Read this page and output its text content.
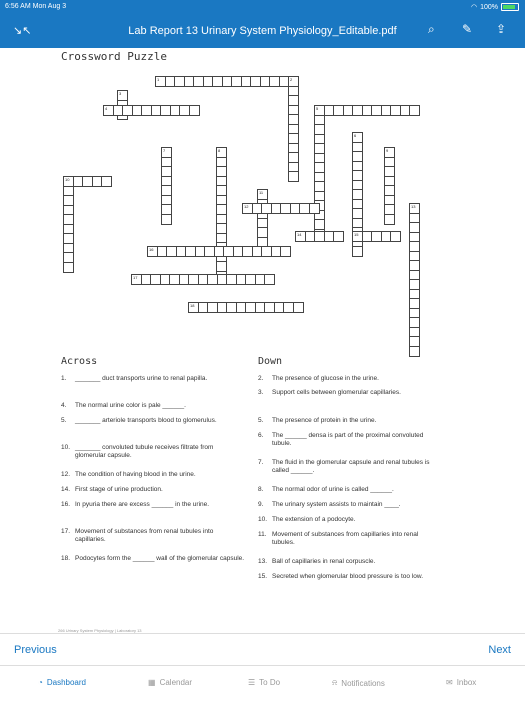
6:56 AM Mon Aug 3	◠ 100%
↘↖	Lab Report 13 Urinary System Physiology_Editable.pdf	⌕ ✎ ⇪
Crossword Puzzle
1	2
3
4	5
6
7	8	9
10
11
12	13
14	15
16
17
18
Across	Down
266 Urinary System Physiology | Laboratory 13
1. _______ duct transports urine to renal papilla.
4. The normal urine color is pale ______.
5. _______ arteriole transports blood to glomerulus.
10. _______ convoluted tubule receives filtrate from glomerular capsule.
12. The condition of having blood in the urine.
14. First stage of urine production.
16. In pyuria there are excess ______ in the urine.
17. Movement of substances from renal tubules into capillaries.
18. Podocytes form the ______ wall of the glomerular capsule.
2. The presence of glucose in the urine.
3. Support cells between glomerular capillaries.
5. The presence of protein in the urine.
6. The ______ densa is part of the proximal convoluted tubule.
7. The fluid in the glomerular capsule and renal tubules is called ______.
8. The normal odor of urine is called ______.
9. The urinary system assists to maintain ____.
10. The extension of a podocyte.
11. Movement of substances from capillaries into renal tubules.
13. Ball of capillaries in renal corpuscle.
15. Secreted when glomerular blood pressure is too low.
Previous	Next
◔ Dashboard	▦ Calendar	☰ To Do	⍾ Notifications	✉ Inbox
